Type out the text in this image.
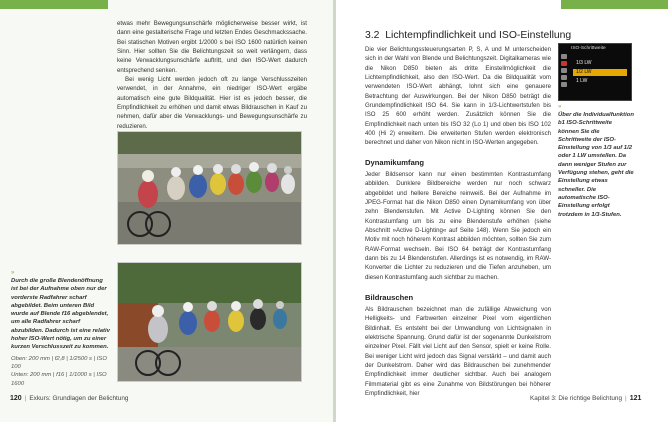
etwas mehr Bewegungsunschärfe möglicherweise besser wirkt, ist dann eine gestalterische Frage und letzten Endes Geschmackssache. Bei statischen Motiven ergibt 1/2000 s bei ISO 1600 natürlich keinen Sinn. Hier sollten Sie die Belichtungszeit so weit verlängern, dass keine Verwacklungsunschärfe auftritt, und den ISO-Wert dadurch entsprechend senken.

Bei wenig Licht werden jedoch oft zu lange Verschlusszeiten verwendet, in der Annahme, ein niedriger ISO-Wert ergäbe automatisch eine gute Bildqualität. Hier ist es jedoch besser, die Empfindlichkeit zu erhöhen und damit etwas Bildrauschen in Kauf zu nehmen, dafür aber die Verwacklungs- und Bewegungsunschärfe zu reduzieren.

»
Durch die große Blendenöffnung ist bei der Aufnahme oben nur der vorderste Radfahrer scharf abgebildet. Beim unteren Bild wurde auf Blende f16 abgeblendet, um alle Radfahrer scharf abzubilden. Dadurch ist eine relativ hoher ISO-Wert nötig, um zu einer kurzen Verschlusszeit zu kommen.
Oben: 200 mm | f2,8 | 1/2500 s | ISO 100
Unten: 200 mm | f16 | 1/1000 s | ISO 1600
120 | Exkurs: Grundlagen der Belichtung
3.2 Lichtempfindlichkeit und ISO-Einstellung

Die vier Belichtungssteuerungsarten P, S, A und M unterscheiden sich in der Wahl von Blende und Belichtungszeit. Digitalkameras wie die Nikon D850 bieten als dritte Einstellmöglichkeit die Lichtempfindlichkeit, also den ISO-Wert. Da die Bildqualität vom verwendeten ISO-Wert abhängt, lohnt sich eine genauere Betrachtung der Auswirkungen. Bei der Nikon D850 beträgt die Grundempfindlichkeit ISO 64. Sie kann in 1/3-Lichtwertstufen bis ISO 25 600 erhöht werden. Zusätzlich können Sie die Empfindlichkeit nach unten bis ISO 32 (Lo 1) und oben bis ISO 102 400 (Hi 2) erweitern. Die erweiterten Stufen werden elektronisch berechnet und daher von Nikon nicht in ISO-Werten angegeben.

ISO-Schrittweite
1/3 LW
1/2 LW
1 LW
»
Über die Individualfunktion b1 ISO-Schrittweite können Sie die Schrittweite der ISO-Einstellung von 1/3 auf 1/2 oder 1 LW umstellen. Da dann weniger Stufen zur Verfügung stehen, geht die Einstellung etwas schneller. Die automatische ISO-Einstellung erfolgt trotzdem in 1/3-Stufen.
Dynamikumfang

Jeder Bildsensor kann nur einen bestimmten Kontrastumfang abbilden. Dunklere Bildbereiche werden nur noch schwarz abgebildet und hellere Bereiche reinweiß. Bei der Aufnahme im JPEG-Format hat die Nikon D850 einen Dynamikumfang von über zehn Blendenstufen. Mit Active D-Lighting können Sie den Kontrastumfang um bis zu eine Blendenstufe erhöhen (siehe Abschnitt »Active D-Lighting« auf Seite 148). Wenn Sie jedoch ein Motiv mit noch höherem Kontrast abbilden möchten, sollten Sie zum RAW-Format wechseln. Bei ISO 64 beträgt der Kontrastumfang dann bis zu 14 Blendenstufen. Allerdings ist es notwendig, im RAW-Konverter die Lichter zu reduzieren und die Tiefen anzuheben, um diesen Kontrastumfang auch sichtbar zu machen.

Bildrauschen

Als Bildrauschen bezeichnet man die zufällige Abweichung von Helligkeits- und Farbwerten einzelner Pixel vom eigentlichen Bildinhalt. Es entsteht bei der Umwandlung von Lichtsignalen in elektrische Spannung. Grund dafür ist der sogenannte Dunkelstrom einzelner Pixel. Fällt viel Licht auf den Sensor, spielt er keine Rolle. Bei weniger Licht wird jedoch das Signal verstärkt – und damit auch der Dunkelstrom. Daher wird das Bildrauschen bei zunehmender Empfindlichkeit immer deutlicher sichtbar. Auch bei analogem Filmmaterial gibt es eine Zunahme von Bildstörungen bei höherer Empfindlichkeit, hier

Kapitel 3: Die richtige Belichtung | 121
